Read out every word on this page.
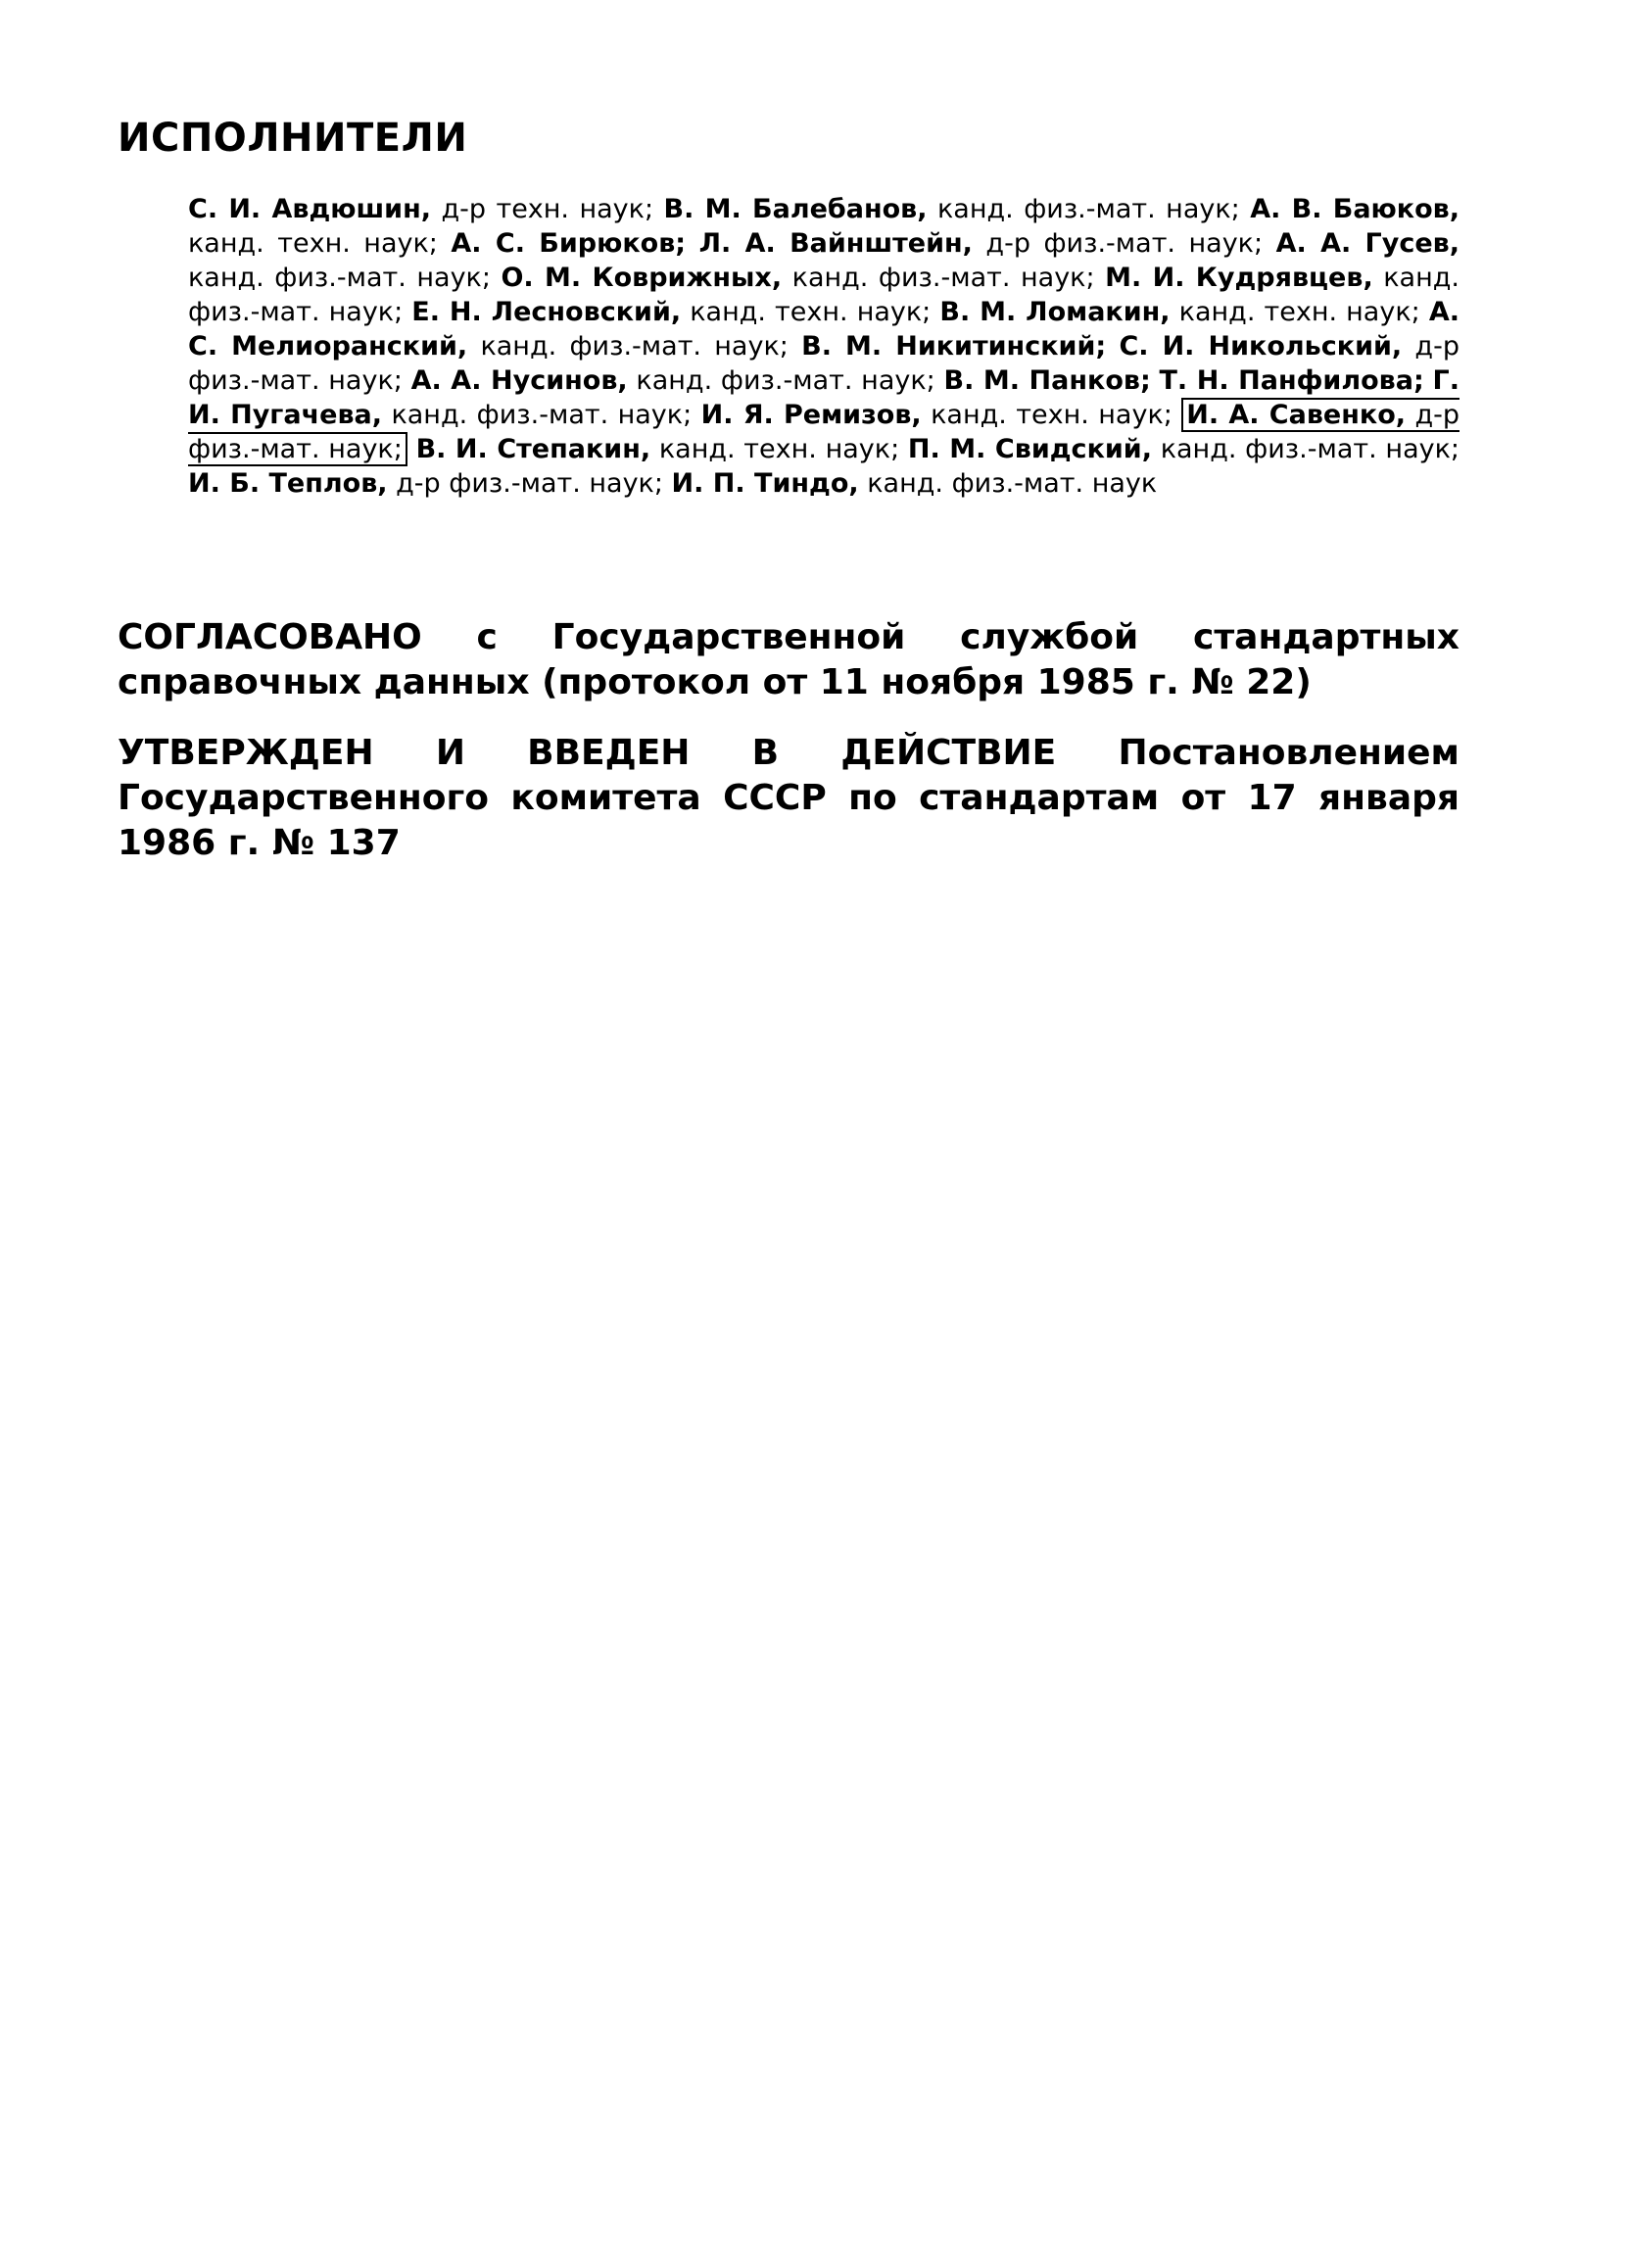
ИСПОЛНИТЕЛИ

С. И. Авдюшин, д-р техн. наук; В. М. Балебанов, канд. физ.-мат. наук; А. В. Баюков, канд. техн. наук; А. С. Бирюков; Л. А. Вайнштейн, д-р физ.-мат. наук; А. А. Гусев, канд. физ.-мат. наук; О. М. Коврижных, канд. физ.-мат. наук; М. И. Кудрявцев, канд. физ.-мат. наук; Е. Н. Лесновский, канд. техн. наук; В. М. Ломакин, канд. техн. наук; А. С. Мелиоранский, канд. физ.-мат. наук; В. М. Никитинский; С. И. Никольский, д-р физ.-мат. наук; А. А. Нусинов, канд. физ.-мат. наук; В. М. Панков; Т. Н. Панфилова; Г. И. Пугачева, канд. физ.-мат. наук; И. Я. Ремизов, канд. техн. наук; И. А. Савенко, д-р физ.-мат. наук; В. И. Степакин, канд. техн. наук; П. М. Свидский, канд. физ.-мат. наук; И. Б. Теплов, д-р физ.-мат. наук; И. П. Тиндо, канд. физ.-мат. наук

СОГЛАСОВАНО с Государственной службой стандартных справочных данных (протокол от 11 ноября 1985 г. № 22)

УТВЕРЖДЕН И ВВЕДЕН В ДЕЙСТВИЕ Постановлением Государственного комитета СССР по стандартам от 17 января 1986 г. № 137
